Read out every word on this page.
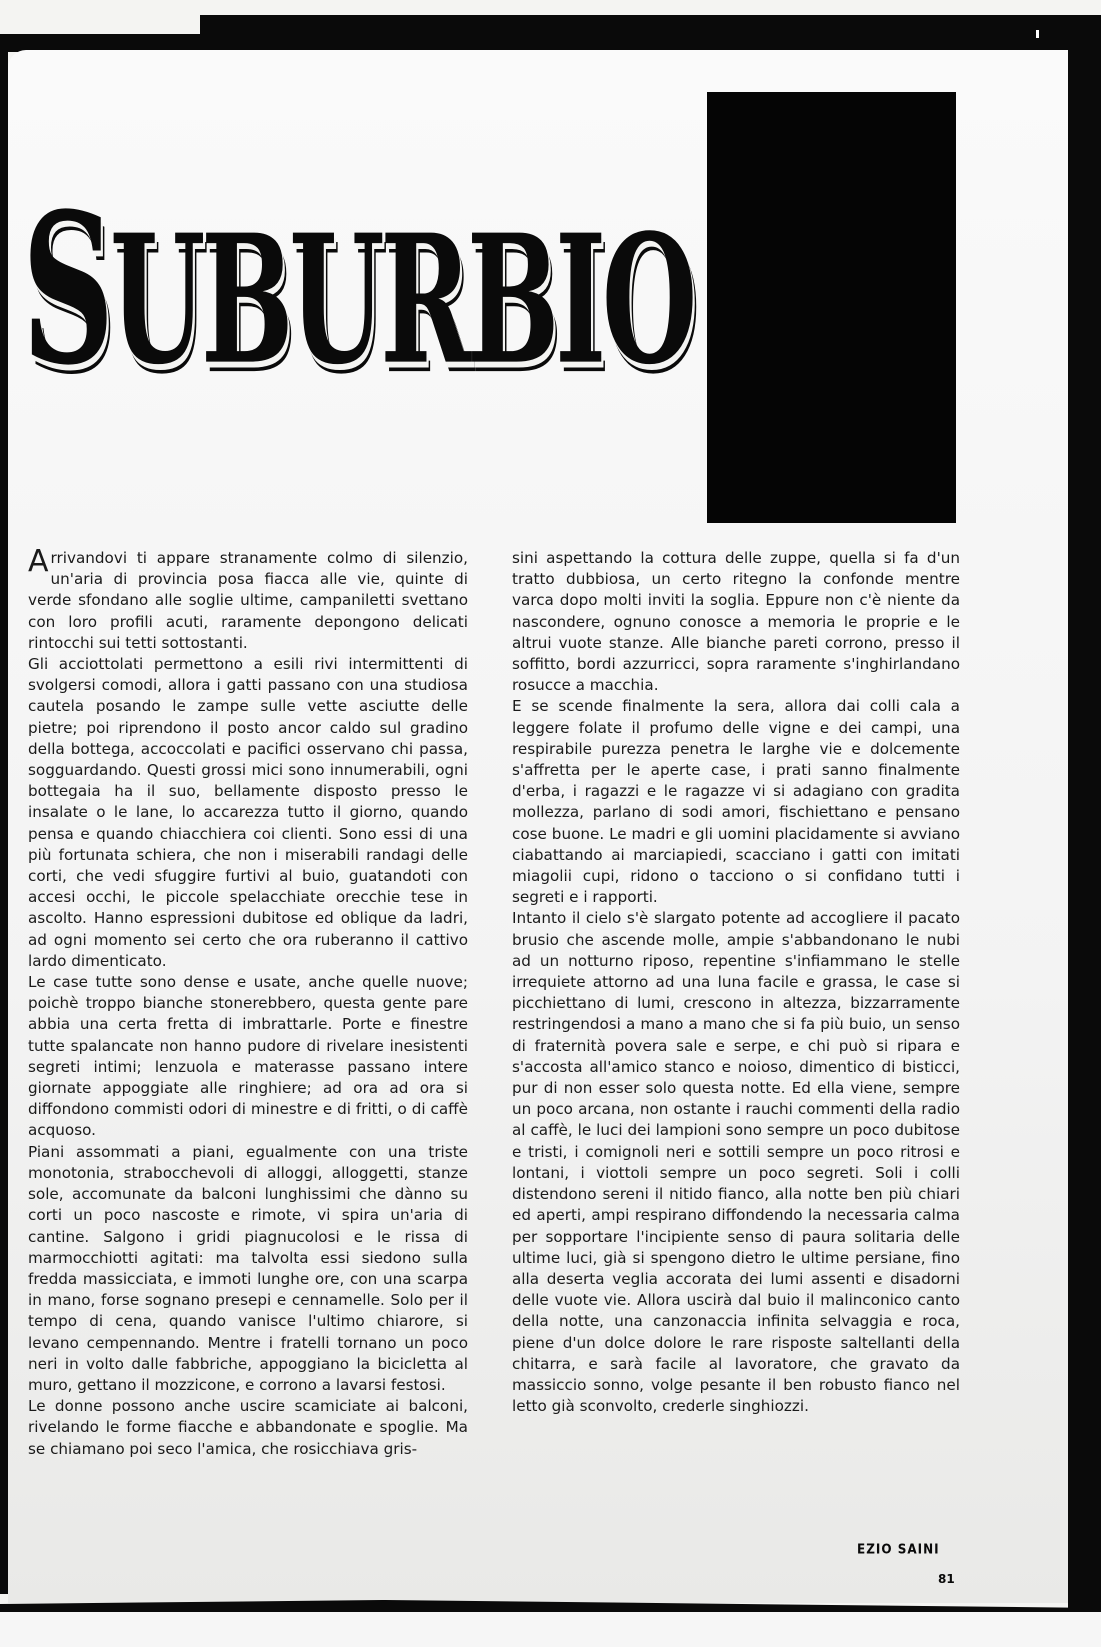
SUBURBIO

Arrivandovi ti appare stranamente colmo di silenzio, un'aria di provincia posa fiacca alle vie, quinte di verde sfondano alle soglie ultime, campaniletti svettano con loro profili acuti, raramente depongono delicati rintocchi sui tetti sottostanti.

Gli acciottolati permettono a esili rivi intermittenti di svolgersi comodi, allora i gatti passano con una studiosa cautela posando le zampe sulle vette asciutte delle pietre; poi riprendono il posto ancor caldo sul gradino della bottega, accoccolati e pacifici osservano chi passa, sogguardando. Questi grossi mici sono innumerabili, ogni bottegaia ha il suo, bellamente disposto presso le insalate o le lane, lo accarezza tutto il giorno, quando pensa e quando chiacchiera coi clienti. Sono essi di una più fortunata schiera, che non i miserabili randagi delle corti, che vedi sfuggire furtivi al buio, guatandoti con accesi occhi, le piccole spelacchiate orecchie tese in ascolto. Hanno espressioni dubitose ed oblique da ladri, ad ogni momento sei certo che ora ruberanno il cattivo lardo dimenticato.

Le case tutte sono dense e usate, anche quelle nuove; poichè troppo bianche stonerebbero, questa gente pare abbia una certa fretta di imbrattarle. Porte e finestre tutte spalancate non hanno pudore di rivelare inesistenti segreti intimi; lenzuola e materasse passano intere giornate appoggiate alle ringhiere; ad ora ad ora si diffondono commisti odori di minestre e di fritti, o di caffè acquoso.

Piani assommati a piani, egualmente con una triste monotonia, strabocchevoli di alloggi, alloggetti, stanze sole, accomunate da balconi lunghissimi che dànno su corti un poco nascoste e rimote, vi spira un'aria di cantine. Salgono i gridi piagnucolosi e le rissa di marmocchiotti agitati: ma talvolta essi siedono sulla fredda massicciata, e immoti lunghe ore, con una scarpa in mano, forse sognano presepi e cennamelle. Solo per il tempo di cena, quando vanisce l'ultimo chiarore, si levano cempennando. Mentre i fratelli tornano un poco neri in volto dalle fabbriche, appoggiano la bicicletta al muro, gettano il mozzicone, e corrono a lavarsi festosi.

Le donne possono anche uscire scamiciate ai balconi, rivelando le forme fiacche e abbandonate e spoglie. Ma se chiamano poi seco l'amica, che rosicchiava gris-

sini aspettando la cottura delle zuppe, quella si fa d'un tratto dubbiosa, un certo ritegno la confonde mentre varca dopo molti inviti la soglia. Eppure non c'è niente da nascondere, ognuno conosce a memoria le proprie e le altrui vuote stanze. Alle bianche pareti corrono, presso il soffitto, bordi azzurricci, sopra raramente s'inghirlandano rosucce a macchia.

E se scende finalmente la sera, allora dai colli cala a leggere folate il profumo delle vigne e dei campi, una respirabile purezza penetra le larghe vie e dolcemente s'affretta per le aperte case, i prati sanno finalmente d'erba, i ragazzi e le ragazze vi si adagiano con gradita mollezza, parlano di sodi amori, fischiettano e pensano cose buone. Le madri e gli uomini placidamente si avviano ciabattando ai marciapiedi, scacciano i gatti con imitati miagolii cupi, ridono o tacciono o si confidano tutti i segreti e i rapporti.

Intanto il cielo s'è slargato potente ad accogliere il pacato brusio che ascende molle, ampie s'abbandonano le nubi ad un notturno riposo, repentine s'infiammano le stelle irrequiete attorno ad una luna facile e grassa, le case si picchiettano di lumi, crescono in altezza, bizzarramente restringendosi a mano a mano che si fa più buio, un senso di fraternità povera sale e serpe, e chi può si ripara e s'accosta all'amico stanco e noioso, dimentico di bisticci, pur di non esser solo questa notte. Ed ella viene, sempre un poco arcana, non ostante i rauchi commenti della radio al caffè, le luci dei lampioni sono sempre un poco dubitose e tristi, i comignoli neri e sottili sempre un poco ritrosi e lontani, i viottoli sempre un poco segreti. Soli i colli distendono sereni il nitido fianco, alla notte ben più chiari ed aperti, ampi respirano diffondendo la necessaria calma per sopportare l'incipiente senso di paura solitaria delle ultime luci, già si spengono dietro le ultime persiane, fino alla deserta veglia accorata dei lumi assenti e disadorni delle vuote vie. Allora uscirà dal buio il malinconico canto della notte, una canzonaccia infinita selvaggia e roca, piene d'un dolce dolore le rare risposte saltellanti della chitarra, e sarà facile al lavoratore, che gravato da massiccio sonno, volge pesante il ben robusto fianco nel letto già sconvolto, crederle singhiozzi.

EZIO SAINI
81
